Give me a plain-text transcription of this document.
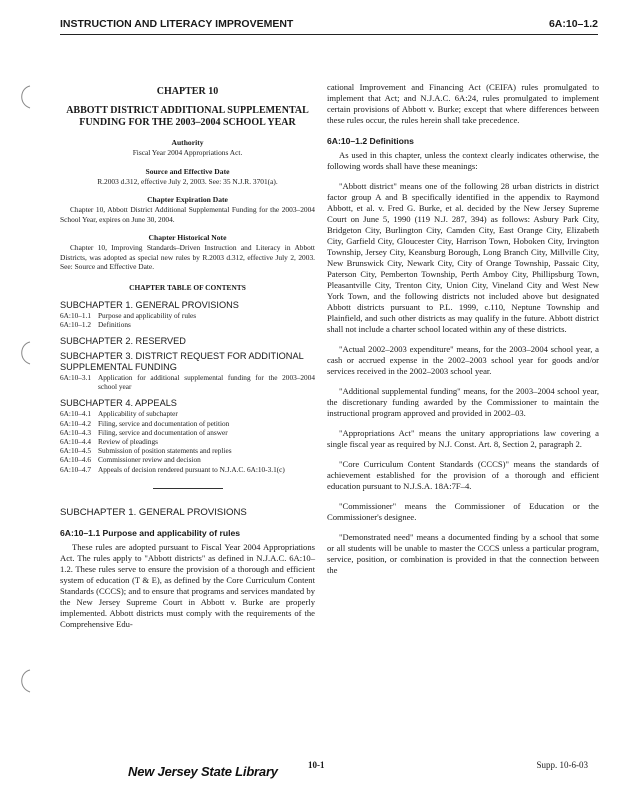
INSTRUCTION AND LITERACY IMPROVEMENT	6A:10–1.2
CHAPTER 10
ABBOTT DISTRICT ADDITIONAL SUPPLEMENTAL FUNDING FOR THE 2003–2004 SCHOOL YEAR
Authority
Fiscal Year 2004 Appropriations Act.
Source and Effective Date
R.2003 d.312, effective July 2, 2003. See: 35 N.J.R. 3701(a).
Chapter Expiration Date
Chapter 10, Abbott District Additional Supplemental Funding for the 2003–2004 School Year, expires on June 30, 2004.
Chapter Historical Note
Chapter 10, Improving Standards–Driven Instruction and Literacy in Abbott Districts, was adopted as special new rules by R.2003 d.312, effective July 2, 2003. See: Source and Effective Date.
CHAPTER TABLE OF CONTENTS
SUBCHAPTER 1. GENERAL PROVISIONS
6A:10–1.1 Purpose and applicability of rules
6A:10–1.2 Definitions
SUBCHAPTER 2. RESERVED
SUBCHAPTER 3. DISTRICT REQUEST FOR ADDITIONAL SUPPLEMENTAL FUNDING
6A:10–3.1 Application for additional supplemental funding for the 2003–2004 school year
SUBCHAPTER 4. APPEALS
6A:10–4.1 Applicability of subchapter
6A:10–4.2 Filing, service and documentation of petition
6A:10–4.3 Filing, service and documentation of answer
6A:10–4.4 Review of pleadings
6A:10–4.5 Submission of position statements and replies
6A:10–4.6 Commissioner review and decision
6A:10–4.7 Appeals of decision rendered pursuant to N.J.A.C. 6A:10-3.1(c)
SUBCHAPTER 1. GENERAL PROVISIONS
6A:10–1.1 Purpose and applicability of rules

These rules are adopted pursuant to Fiscal Year 2004 Appropriations Act. The rules apply to "Abbott districts" as defined in N.J.A.C. 6A:10–1.2. These rules serve to ensure the provision of a thorough and efficient system of education (T & E), as defined by the Core Curriculum Content Standards (CCCS); and to ensure that programs and services mandated by the New Jersey Supreme Court in Abbott v. Burke are properly implemented. Abbott districts must comply with the requirements of the Comprehensive Edu-

cational Improvement and Financing Act (CEIFA) rules promulgated to implement that Act; and N.J.A.C. 6A:24, rules promulgated to implement certain provisions of Abbott v. Burke; except that where differences between these rules occur, the rules herein shall take precedence.

6A:10–1.2 Definitions

As used in this chapter, unless the context clearly indicates otherwise, the following words shall have these meanings:

"Abbott district" means one of the following 28 urban districts in district factor group A and B specifically identified in the appendix to Raymond Abbott, et al. v. Fred G. Burke, et al. decided by the New Jersey Supreme Court on June 5, 1990 (119 N.J. 287, 394) as follows: Asbury Park City, Bridgeton City, Burlington City, Camden City, East Orange City, Elizabeth City, Garfield City, Gloucester City, Harrison Town, Hoboken City, Irvington Township, Jersey City, Keansburg Borough, Long Branch City, Millville City, New Brunswick City, Newark City, City of Orange Township, Passaic City, Paterson City, Pemberton Township, Perth Amboy City, Phillipsburg Town, Pleasantville City, Trenton City, Union City, Vineland City and West New York Town, and the following districts not included above but designated Abbott districts pursuant to P.L. 1999, c.110, Neptune Township and Plainfield, and such other districts as may qualify in the future. Abbott district shall not include a charter school located within any of these districts.

"Actual 2002–2003 expenditure" means, for the 2003–2004 school year, a cash or accrued expense in the 2002–2003 school year for goods and/or services received in the 2002–2003 school year.

"Additional supplemental funding" means, for the 2003–2004 school year, the discretionary funding awarded by the Commissioner to maintain the instructional program approved and provided in 2002–03.

"Appropriations Act" means the unitary appropriations law covering a single fiscal year as required by N.J. Const. Art. 8, Section 2, paragraph 2.

"Core Curriculum Content Standards (CCCS)" means the standards of achievement established for the provision of a thorough and efficient education pursuant to N.J.S.A. 18A:7F–4.

"Commissioner" means the Commissioner of Education or the Commissioner's designee.

"Demonstrated need" means a documented finding by a school that some or all students will be unable to master the CCCS unless a particular program, service, position, or combination is provided in that the connection between the

New Jersey State Library	10-1	Supp. 10-6-03
